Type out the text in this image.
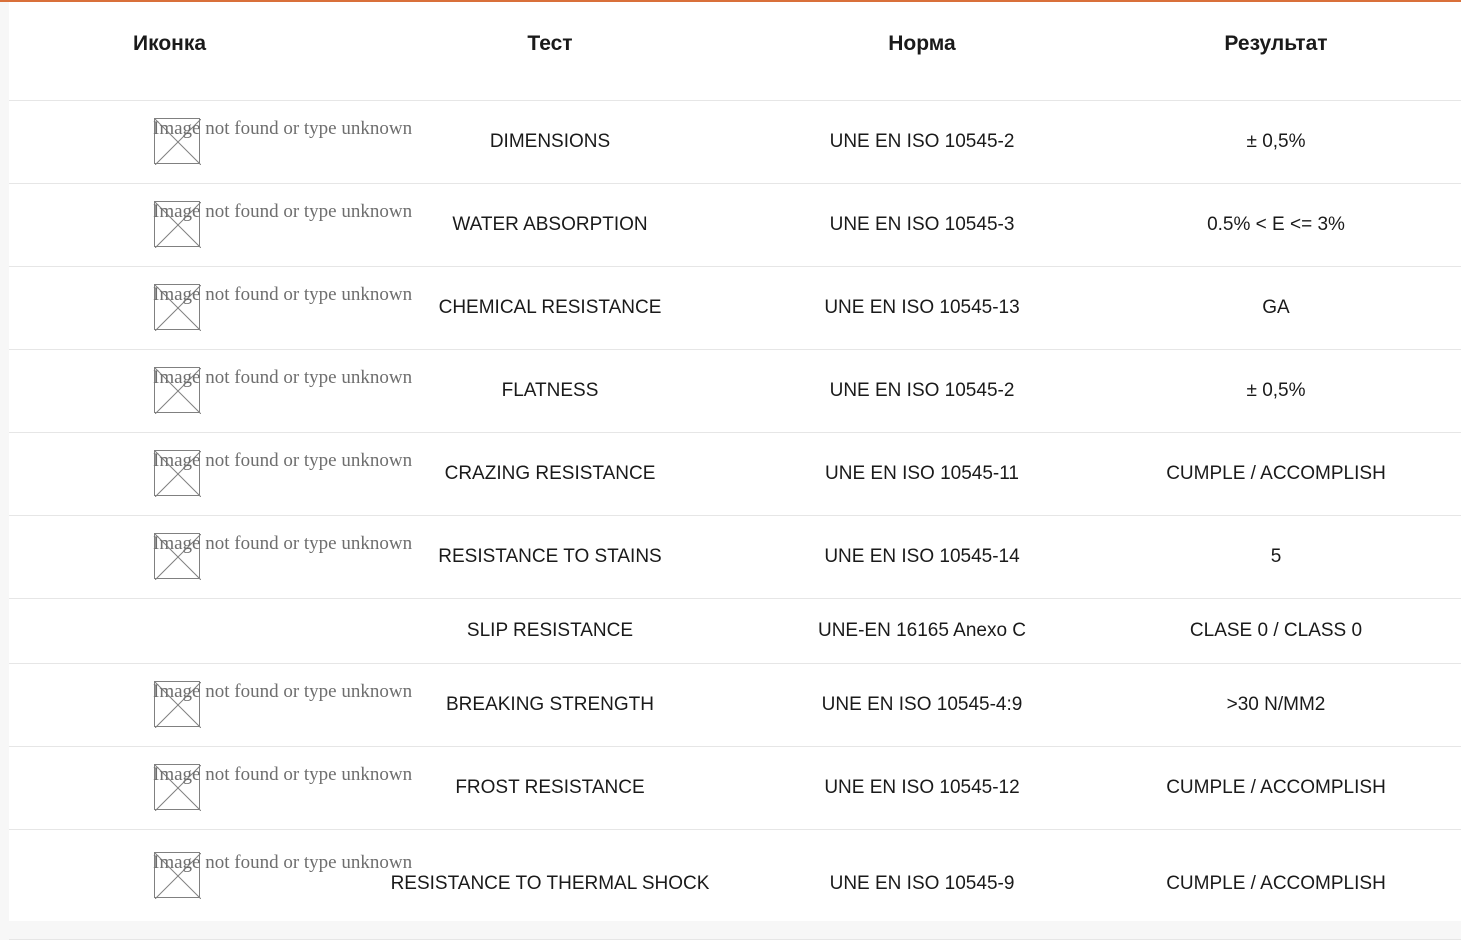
Иконка	Тест	Норма	Результат

Image not found or type unknown	DIMENSIONS	UNE EN ISO 10545-2	± 0,5%

Image not found or type unknown	WATER ABSORPTION	UNE EN ISO 10545-3	0.5% < E <= 3%

Image not found or type unknown	CHEMICAL RESISTANCE	UNE EN ISO 10545-13	GA

Image not found or type unknown	FLATNESS	UNE EN ISO 10545-2	± 0,5%

Image not found or type unknown	CRAZING RESISTANCE	UNE EN ISO 10545-11	CUMPLE / ACCOMPLISH

Image not found or type unknown	RESISTANCE TO STAINS	UNE EN ISO 10545-14	5
	SLIP RESISTANCE	UNE-EN 16165 Anexo C	CLASE 0 / CLASS 0

Image not found or type unknown	BREAKING STRENGTH	UNE EN ISO 10545-4:9	>30 N/MM2

Image not found or type unknown	FROST RESISTANCE	UNE EN ISO 10545-12	CUMPLE / ACCOMPLISH

Image not found or type unknown	RESISTANCE TO THERMAL SHOCK	UNE EN ISO 10545-9	CUMPLE / ACCOMPLISH
